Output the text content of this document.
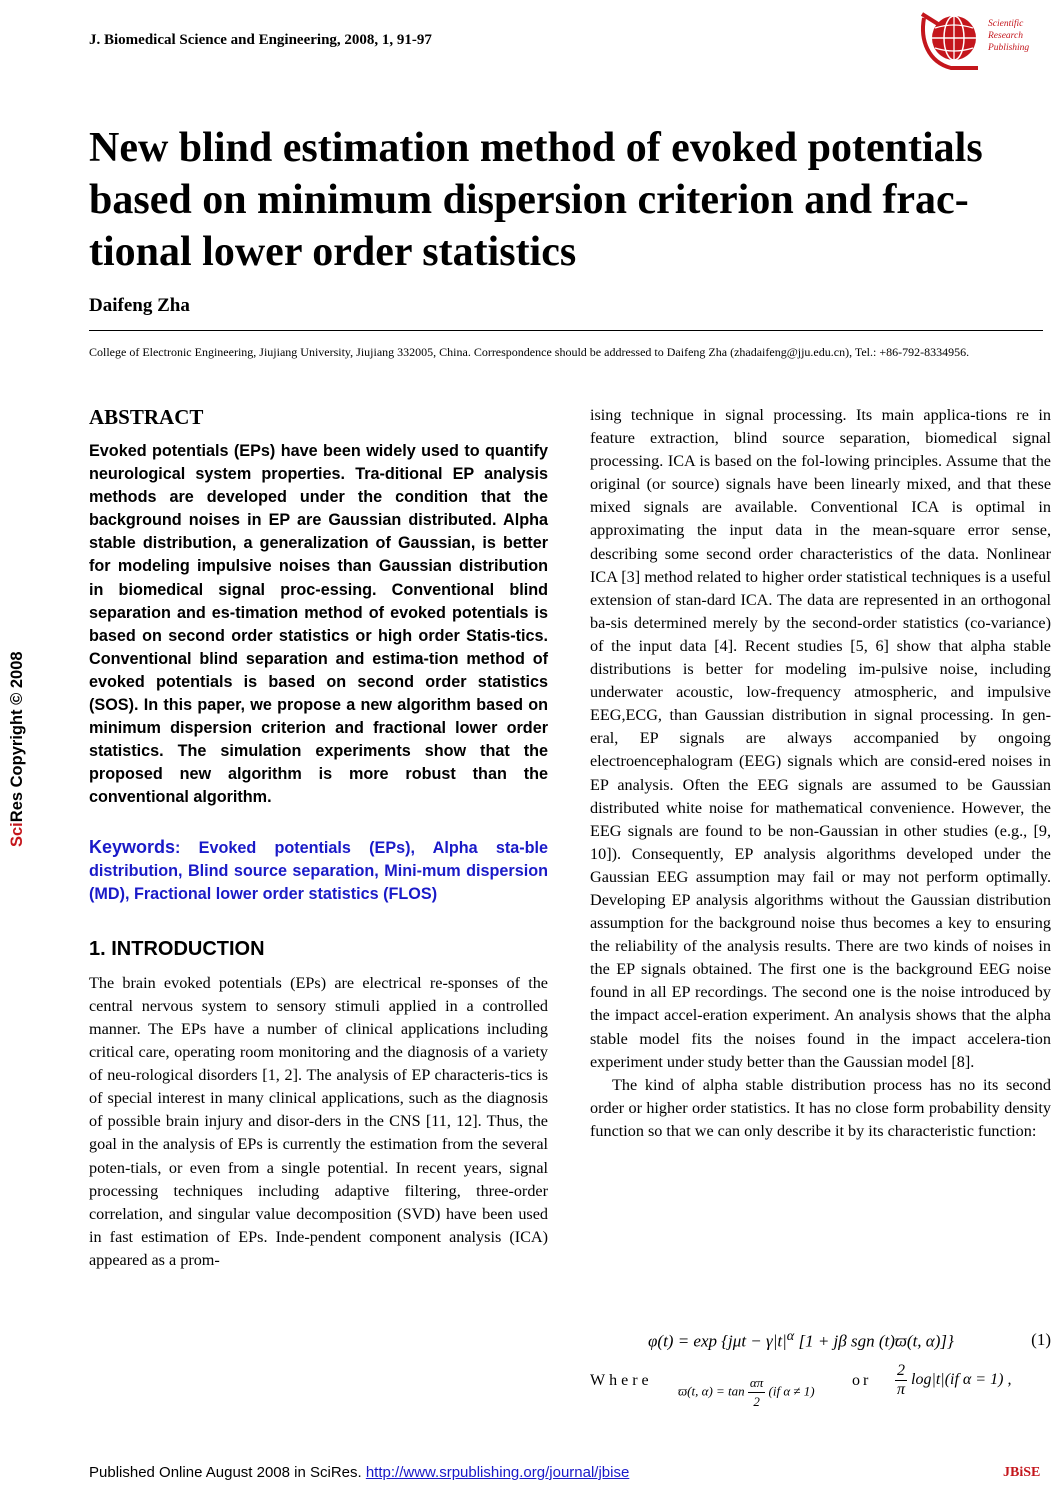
J. Biomedical Science and Engineering, 2008, 1, 91-97
Scientific
Research
Publishing
New blind estimation method of evoked potentials based on minimum dispersion criterion and frac-tional lower order statistics
Daifeng Zha
College of Electronic Engineering, Jiujiang University, Jiujiang 332005, China. Correspondence should be addressed to Daifeng Zha (zhadaifeng@jju.edu.cn), Tel.: +86-792-8334956.
SciRes Copyright © 2008
ABSTRACT

Evoked potentials (EPs) have been widely used to quantify neurological system properties. Tra-ditional EP analysis methods are developed under the condition that the background noises in EP are Gaussian distributed. Alpha stable distribution, a generalization of Gaussian, is better for modeling impulsive noises than Gaussian distribution in biomedical signal proc-essing. Conventional blind separation and es-timation method of evoked potentials is based on second order statistics or high order Statis-tics. Conventional blind separation and estima-tion method of evoked potentials is based on second order statistics (SOS). In this paper, we propose a new algorithm based on minimum dispersion criterion and fractional lower order statistics. The simulation experiments show that the proposed new algorithm is more robust than the conventional algorithm.

Keywords: Evoked potentials (EPs), Alpha sta-ble distribution, Blind source separation, Mini-mum dispersion (MD), Fractional lower order statistics (FLOS)

1. INTRODUCTION

The brain evoked potentials (EPs) are electrical re-sponses of the central nervous system to sensory stimuli applied in a controlled manner. The EPs have a number of clinical applications including critical care, operating room monitoring and the diagnosis of a variety of neu-rological disorders [1, 2]. The analysis of EP characteris-tics is of special interest in many clinical applications, such as the diagnosis of possible brain injury and disor-ders in the CNS [11, 12]. Thus, the goal in the analysis of EPs is currently the estimation from the several poten-tials, or even from a single potential. In recent years, signal processing techniques including adaptive filtering, three-order correlation, and singular value decomposition (SVD) have been used in fast estimation of EPs. Inde-pendent component analysis (ICA) appeared as a prom-

ising technique in signal processing. Its main applica-tions re in feature extraction, blind source separation, biomedical signal processing. ICA is based on the fol-lowing principles. Assume that the original (or source) signals have been linearly mixed, and that these mixed signals are available. Conventional ICA is optimal in approximating the input data in the mean-square error sense, describing some second order characteristics of the data. Nonlinear ICA [3] method related to higher order statistical techniques is a useful extension of stan-dard ICA. The data are represented in an orthogonal ba-sis determined merely by the second-order statistics (co-variance) of the input data [4]. Recent studies [5, 6] show that alpha stable distributions is better for modeling im-pulsive noise, including underwater acoustic, low-frequency atmospheric, and impulsive EEG,ECG, than Gaussian distribution in signal processing. In gen-eral, EP signals are always accompanied by ongoing electroencephalogram (EEG) signals which are consid-ered noises in EP analysis. Often the EEG signals are assumed to be Gaussian distributed white noise for mathematical convenience. However, the EEG signals are found to be non-Gaussian in other studies (e.g., [9, 10]). Consequently, EP analysis algorithms developed under the Gaussian EEG assumption may fail or may not perform optimally. Developing EP analysis algorithms without the Gaussian distribution assumption for the background noise thus becomes a key to ensuring the reliability of the analysis results. There are two kinds of noises in the EP signals obtained. The first one is the background EEG noise found in all EP recordings. The second one is the noise introduced by the impact accel-eration experiment. An analysis shows that the alpha stable model fits the noises found in the impact accelera-tion experiment under study better than the Gaussian model [8].

The kind of alpha stable distribution process has no its second order or higher order statistics. It has no close form probability density function so that we can only describe it by its characteristic function:

$\varphi(t) = \exp \{j\mu t - \gamma|t|^\alpha$ [1 + jβ sgn (t)ϖ(t, α)]}	(1)
Where
ϖ(t, $\alpha) = \tan \frac{\alpha\pi}{2} (if$ α ≠ 1)
or $\frac{2}{\pi} \log|t|(if$ α = 1) ,
Published Online August 2008 in SciRes. http://www.srpublishing.org/journal/jbise	JBiSE
